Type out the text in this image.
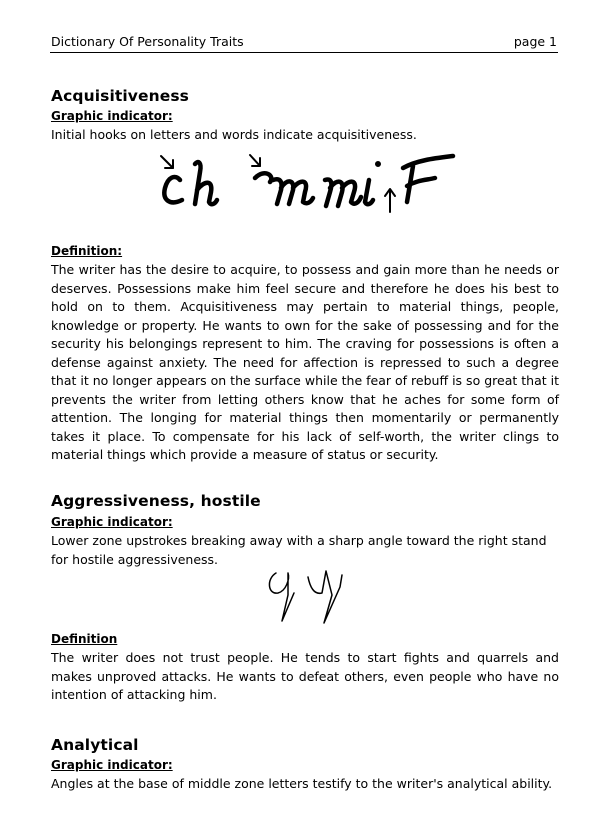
Dictionary Of Personality Traits	page 1
Acquisitiveness
Graphic indicator:
Initial hooks on letters and words indicate acquisitiveness.
Definition:
The writer has the desire to acquire, to possess and gain more than he needs or deserves. Possessions make him feel secure and therefore he does his best to hold on to them. Acquisitiveness may pertain to material things, people, knowledge or property. He wants to own for the sake of possessing and for the security his belongings represent to him. The craving for possessions is often a defense against anxiety. The need for affection is repressed to such a degree that it no longer appears on the surface while the fear of rebuff is so great that it prevents the writer from letting others know that he aches for some form of attention. The longing for material things then momentarily or permanently takes it place. To compensate for his lack of self-worth, the writer clings to material things which provide a measure of status or security.
Aggressiveness, hostile
Graphic indicator:
Lower zone upstrokes breaking away with a sharp angle toward the right stand for hostile aggressiveness.
Definition
The writer does not trust people. He tends to start fights and quarrels and makes unproved attacks. He wants to defeat others, even people who have no intention of attacking him.
Analytical
Graphic indicator:
Angles at the base of middle zone letters testify to the writer's analytical ability.
